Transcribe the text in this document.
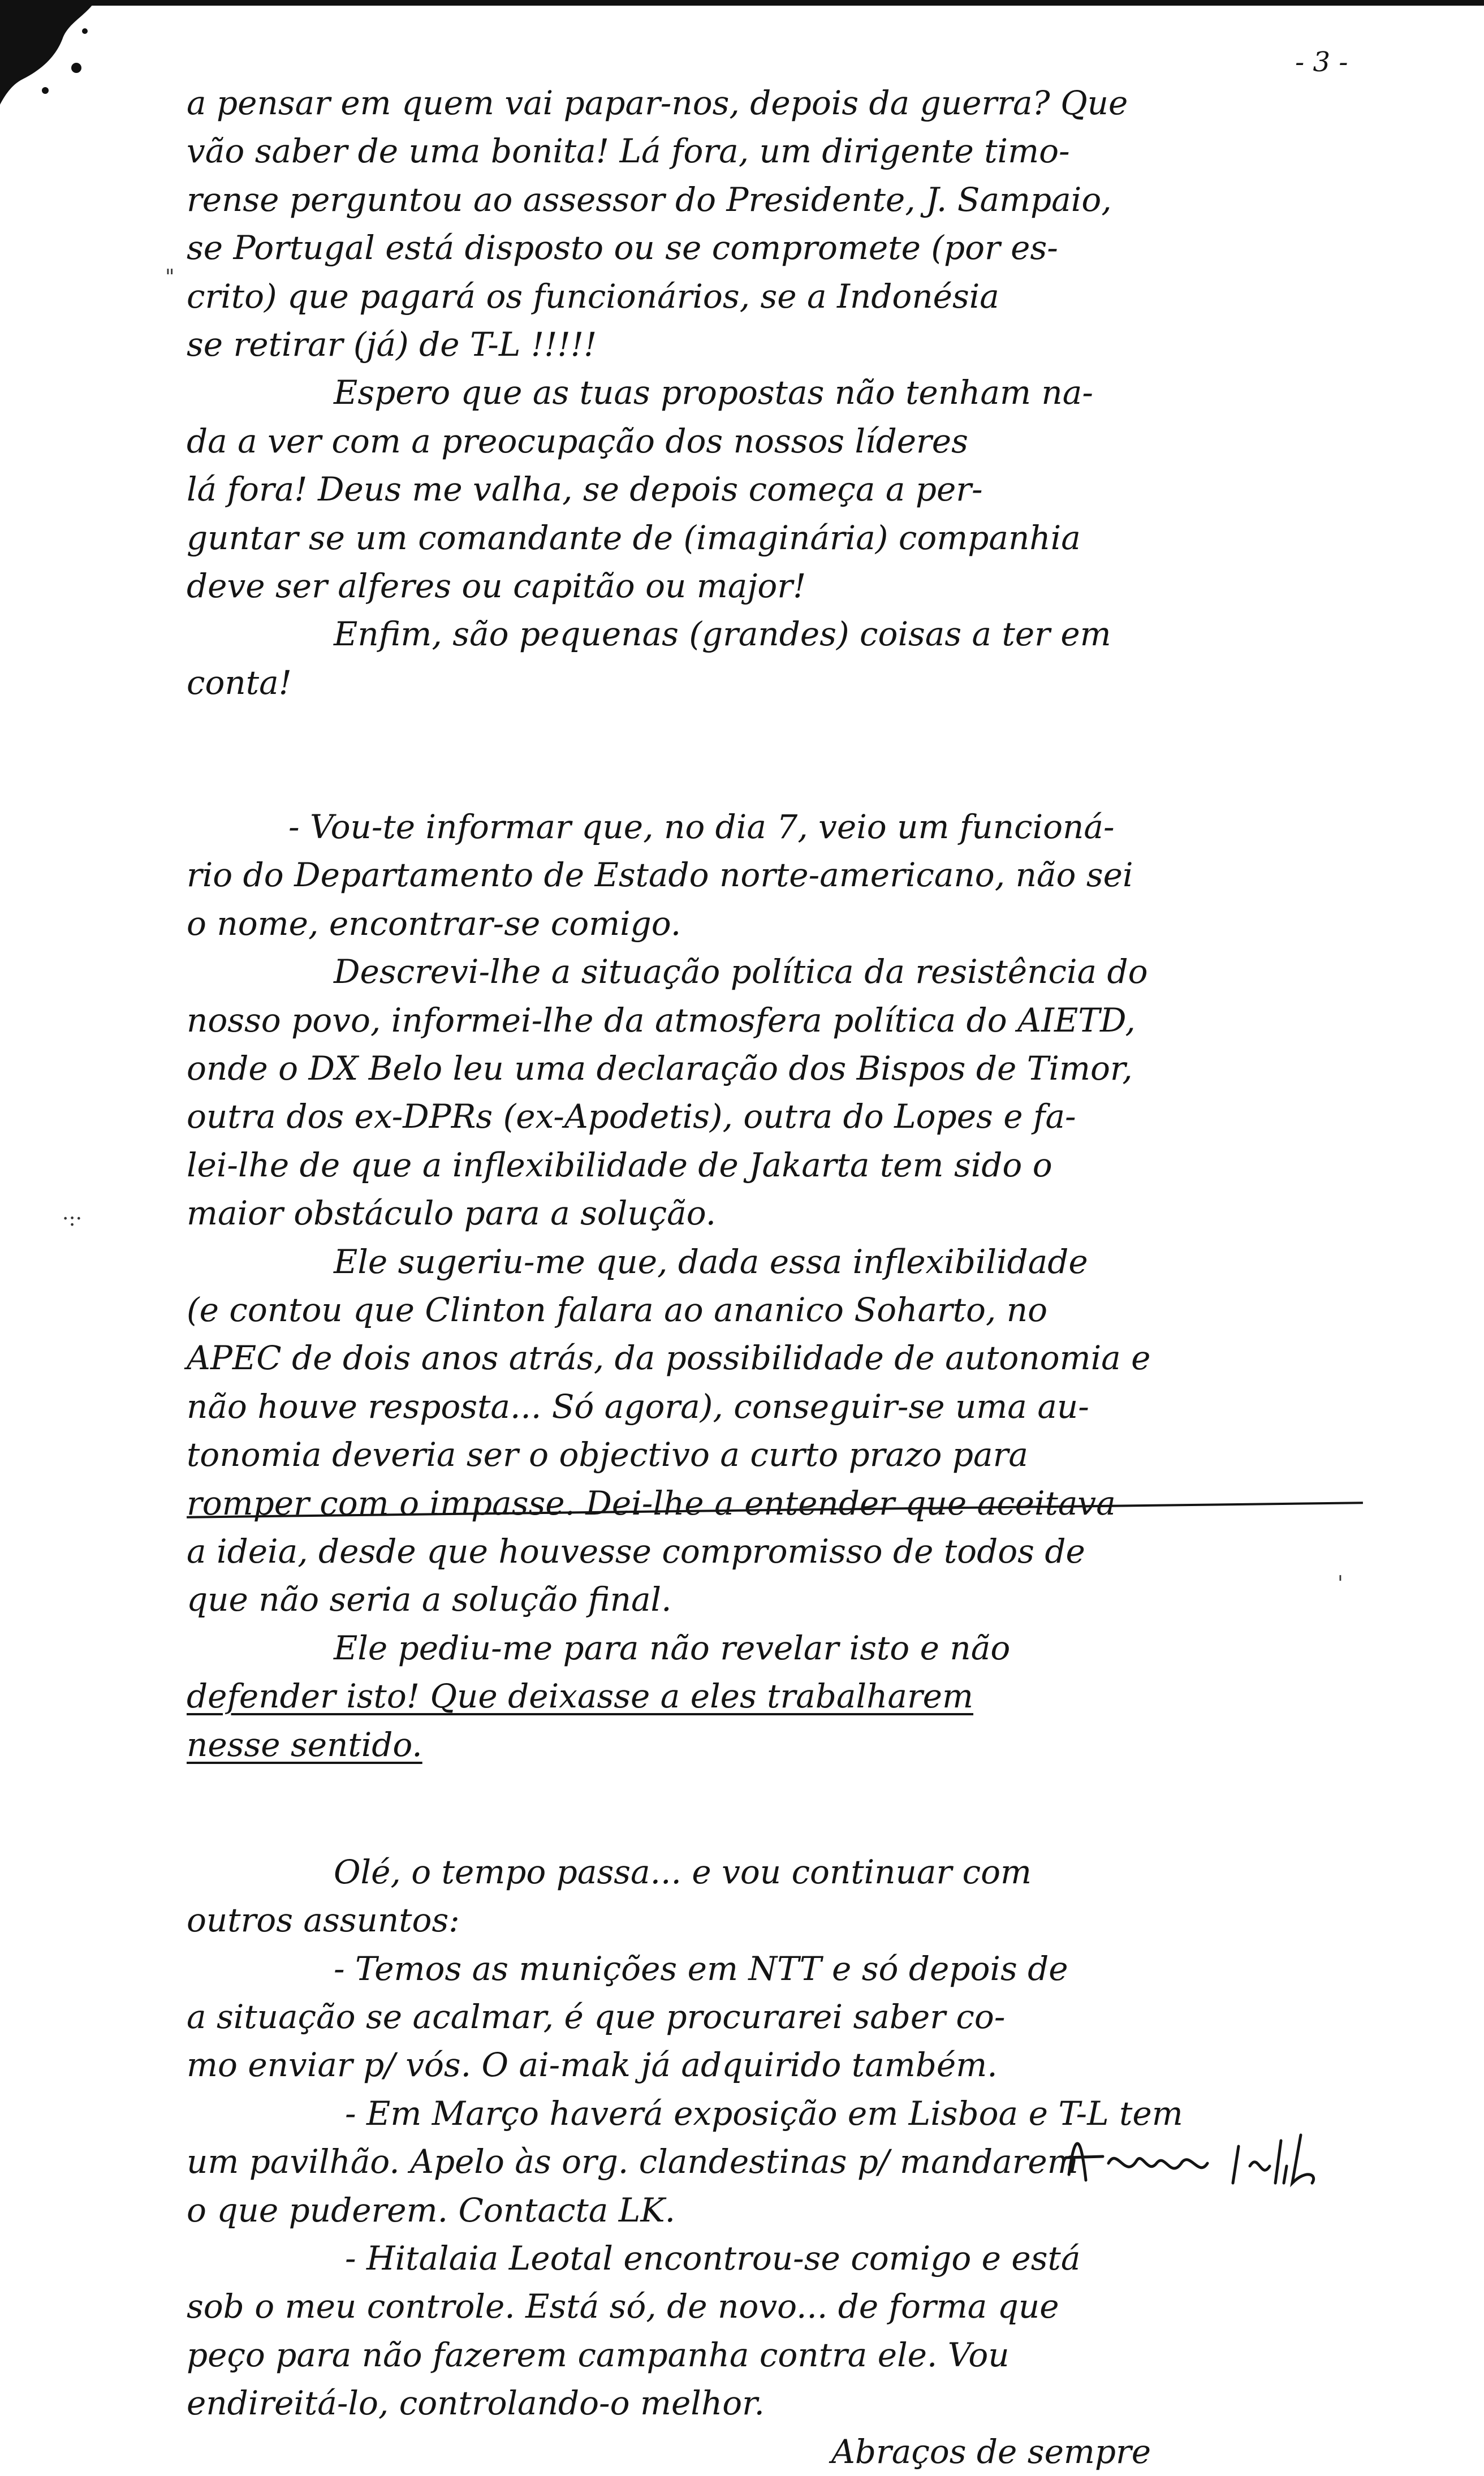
- 3 -
a pensar em quem vai papar-nos, depois da guerra? Que
vão saber de uma bonita! Lá fora, um dirigente timo-
rense perguntou ao assessor do Presidente, J. Sampaio,
se Portugal está disposto ou se compromete (por es-
crito) que pagará os funcionários, se a Indonésia
se retirar (já) de T-L !!!!!
Espero que as tuas propostas não tenham na-
da a ver com a preocupação dos nossos líderes
lá fora! Deus me valha, se depois começa a per-
guntar se um comandante de (imaginária) companhia
deve ser alferes ou capitão ou major!
Enfim, são pequenas (grandes) coisas a ter em
conta!
- Vou-te informar que, no dia 7, veio um funcioná-
rio do Departamento de Estado norte-americano, não sei
o nome, encontrar-se comigo.
Descrevi-lhe a situação política da resistência do
nosso povo, informei-lhe da atmosfera política do AIETD,
onde o DX Belo leu uma declaração dos Bispos de Timor,
outra dos ex-DPRs (ex-Apodetis), outra do Lopes e fa-
lei-lhe de que a inflexibilidade de Jakarta tem sido o
maior obstáculo para a solução.
Ele sugeriu-me que, dada essa inflexibilidade
(e contou que Clinton falara ao ananico Soharto, no
APEC de dois anos atrás, da possibilidade de autonomia e
não houve resposta... Só agora), conseguir-se uma au-
tonomia deveria ser o objectivo a curto prazo para
romper com o impasse. Dei-lhe a entender que aceitava
a ideia, desde que houvesse compromisso de todos de
que não seria a solução final.
Ele pediu-me para não revelar isto e não
defender isto! Que deixasse a eles trabalharem
nesse sentido.
Olé, o tempo passa... e vou continuar com
outros assuntos:
- Temos as munições em NTT e só depois de
a situação se acalmar, é que procurarei saber co-
mo enviar p/ vós. O ai-mak já adquirido também.
- Em Março haverá exposição em Lisboa e T-L tem
um pavilhão. Apelo às org. clandestinas p/ mandarem
o que puderem. Contacta LK.
- Hitalaia Leotal encontrou-se comigo e está
sob o meu controle. Está só, de novo... de forma que
peço para não fazerem campanha contra ele. Vou
endireitá-lo, controlando-o melhor.
Abraços de sempre
"
·:·
'
